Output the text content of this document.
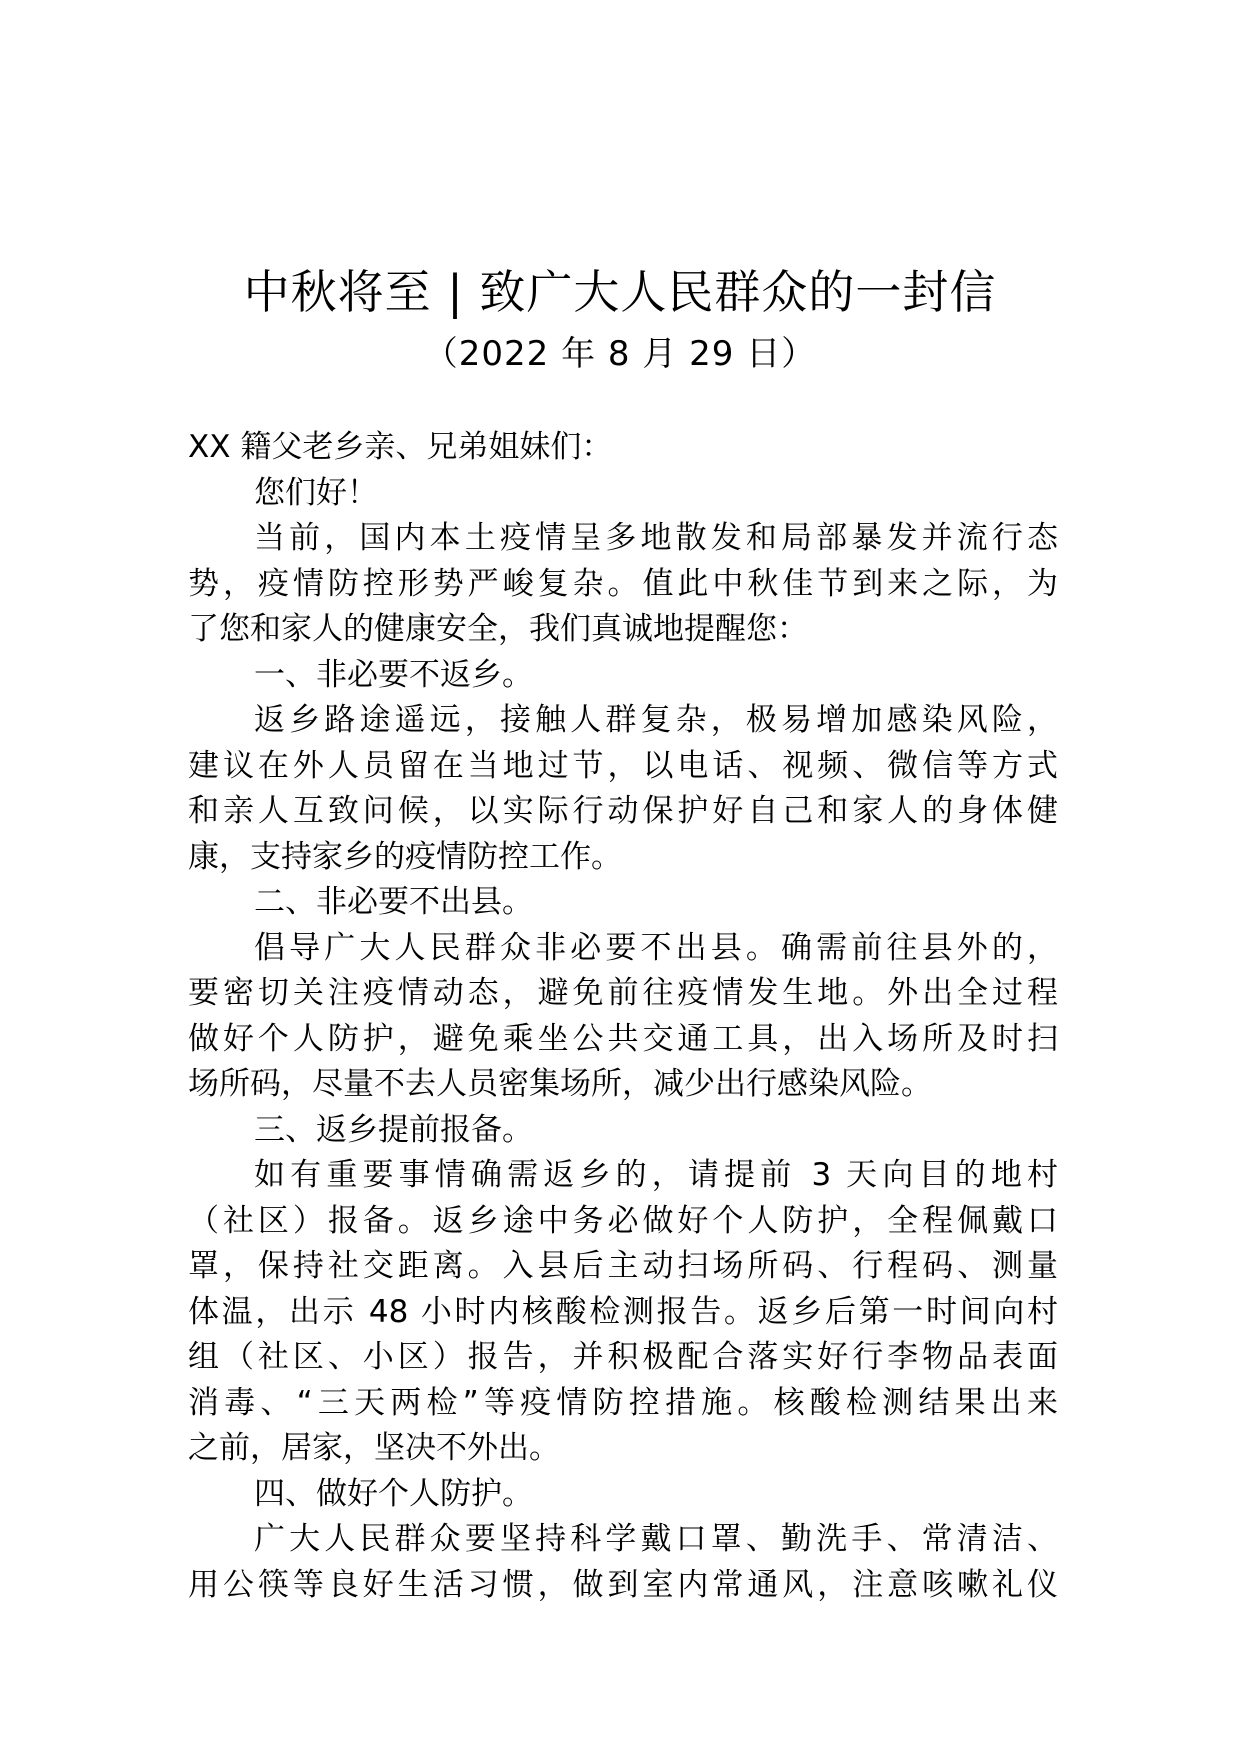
中秋将至 | 致广大人民群众的一封信
（2022 年 8 月 29 日）
XX 籍父老乡亲、兄弟姐妹们：
您们好！
当前，国内本土疫情呈多地散发和局部暴发并流行态
势，疫情防控形势严峻复杂。值此中秋佳节到来之际，为
了您和家人的健康安全，我们真诚地提醒您：
一、非必要不返乡。
返乡路途遥远，接触人群复杂，极易增加感染风险，
建议在外人员留在当地过节，以电话、视频、微信等方式
和亲人互致问候，以实际行动保护好自己和家人的身体健
康，支持家乡的疫情防控工作。
二、非必要不出县。
倡导广大人民群众非必要不出县。确需前往县外的，
要密切关注疫情动态，避免前往疫情发生地。外出全过程
做好个人防护，避免乘坐公共交通工具，出入场所及时扫
场所码，尽量不去人员密集场所，减少出行感染风险。
三、返乡提前报备。
如有重要事情确需返乡的，请提前 3 天向目的地村
（社区）报备。返乡途中务必做好个人防护，全程佩戴口
罩，保持社交距离。入县后主动扫场所码、行程码、测量
体温，出示 48 小时内核酸检测报告。返乡后第一时间向村
组（社区、小区）报告，并积极配合落实好行李物品表面
消毒、“三天两检”等疫情防控措施。核酸检测结果出来
之前，居家，坚决不外出。
四、做好个人防护。
广大人民群众要坚持科学戴口罩、勤洗手、常清洁、
用公筷等良好生活习惯，做到室内常通风，注意咳嗽礼仪
